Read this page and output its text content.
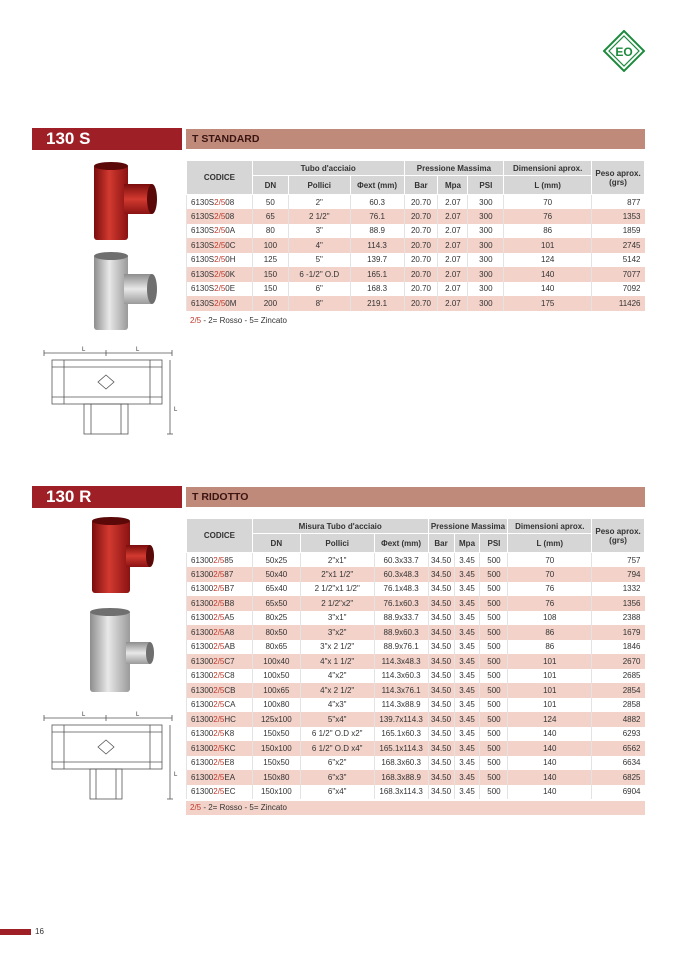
EO
130 S	T STANDARD
L	L
L
CODICE	Tubo d'acciaio			Pressione Massima			Dimensioni aprox.	Peso aprox. (grs)
	DN	Pollici	Φext (mm)	Bar	Mpa	PSI	L (mm)	
6130S2/508	50	2"	60.3	20.70	2.07	300	70	877
6130S2/508	65	2 1/2"	76.1	20.70	2.07	300	76	1353
6130S2/50A	80	3"	88.9	20.70	2.07	300	86	1859
6130S2/50C	100	4"	114.3	20.70	2.07	300	101	2745
6130S2/50H	125	5"	139.7	20.70	2.07	300	124	5142
6130S2/50K	150	6 -1/2" O.D	165.1	20.70	2.07	300	140	7077
6130S2/50E	150	6"	168.3	20.70	2.07	300	140	7092
6130S2/50M	200	8"	219.1	20.70	2.07	300	175	11426
2/5 - 2= Rosso - 5= Zincato
130 R	T RIDOTTO
L	L
L
CODICE	Misura Tubo d'acciaio			Pressione Massima			Dimensioni aprox.	Peso aprox. (grs)
	DN	Pollici	Φext (mm)	Bar	Mpa	PSI	L (mm)	
613002/585	50x25	2"x1"	60.3x33.7	34.50	3.45	500	70	757
613002/587	50x40	2"x1 1/2"	60.3x48.3	34.50	3.45	500	70	794
613002/5B7	65x40	2 1/2"x1 1/2"	76.1x48.3	34.50	3.45	500	76	1332
613002/5B8	65x50	2 1/2"x2"	76.1x60.3	34.50	3.45	500	76	1356
613002/5A5	80x25	3"x1"	88.9x33.7	34.50	3.45	500	108	2388
613002/5A8	80x50	3"x2"	88.9x60.3	34.50	3.45	500	86	1679
613002/5AB	80x65	3"x 2 1/2"	88.9x76.1	34.50	3.45	500	86	1846
613002/5C7	100x40	4"x 1 1/2"	114.3x48.3	34.50	3.45	500	101	2670
613002/5C8	100x50	4"x2"	114.3x60.3	34.50	3.45	500	101	2685
613002/5CB	100x65	4"x 2 1/2"	114.3x76.1	34.50	3.45	500	101	2854
613002/5CA	100x80	4"x3"	114.3x88.9	34.50	3.45	500	101	2858
613002/5HC	125x100	5"x4"	139.7x114.3	34.50	3.45	500	124	4882
613002/5K8	150x50	6 1/2" O.D x2"	165.1x60.3	34.50	3.45	500	140	6293
613002/5KC	150x100	6 1/2" O.D x4"	165.1x114.3	34.50	3.45	500	140	6562
613002/5E8	150x50	6"x2"	168.3x60.3	34.50	3.45	500	140	6634
613002/5EA	150x80	6"x3"	168.3x88.9	34.50	3.45	500	140	6825
613002/5EC	150x100	6"x4"	168.3x114.3	34.50	3.45	500	140	6904
2/5 - 2= Rosso - 5= Zincato
16
